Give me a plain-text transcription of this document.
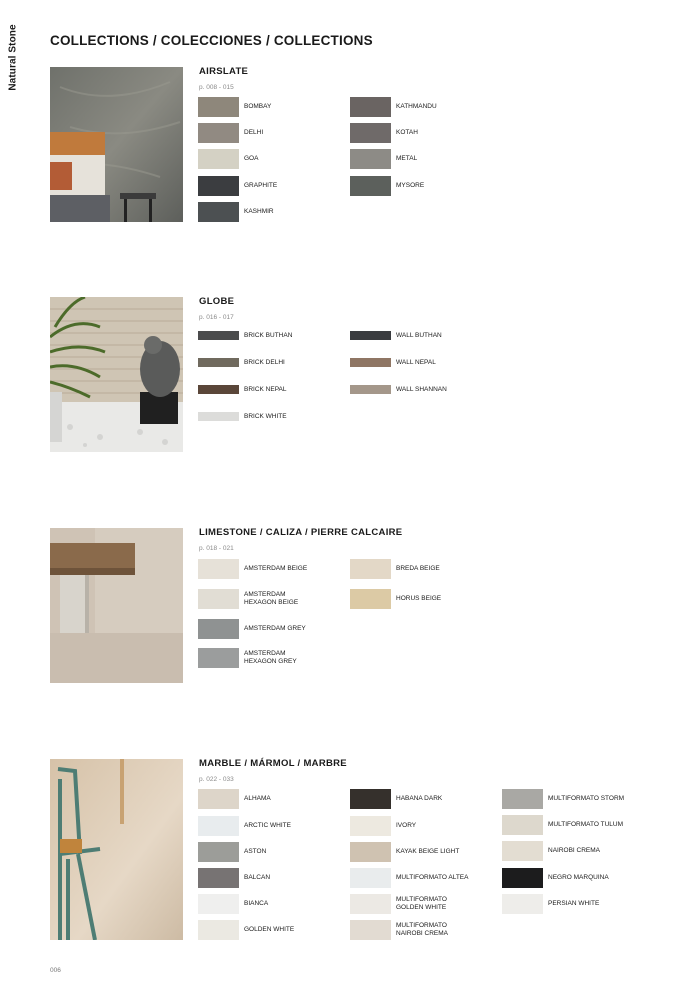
Natural Stone COLLECTIONS / COLECCIONES / COLLECTIONS
AIRSLATE
p. 008 - 015
BOMBAY
DELHI
GOA
GRAPHITE
KASHMIR
KATHMANDU
KOTAH
METAL
MYSORE
GLOBE
p. 016 - 017
BRICK BUTHAN
BRICK DELHI
BRICK NEPAL
BRICK WHITE
WALL BUTHAN
WALL NEPAL
WALL SHANNAN
LIMESTONE / CALIZA / PIERRE CALCAIRE
p. 018 - 021
AMSTERDAM BEIGE
AMSTERDAM HEXAGON BEIGE
AMSTERDAM GREY
AMSTERDAM HEXAGON GREY
BREDA BEIGE
HORUS BEIGE
MARBLE / MÁRMOL / MARBRE
p. 022 - 033
ALHAMA
ARCTIC WHITE
ASTON
BALCAN
BIANCA
GOLDEN WHITE
HABANA DARK
IVORY
KAYAK BEIGE LIGHT
MULTIFORMATO ALTEA
MULTIFORMATO GOLDEN WHITE
MULTIFORMATO NAIROBI CREMA
MULTIFORMATO STORM
MULTIFORMATO TULUM
NAIROBI CREMA
NEGRO MARQUINA
PERSIAN WHITE
006
